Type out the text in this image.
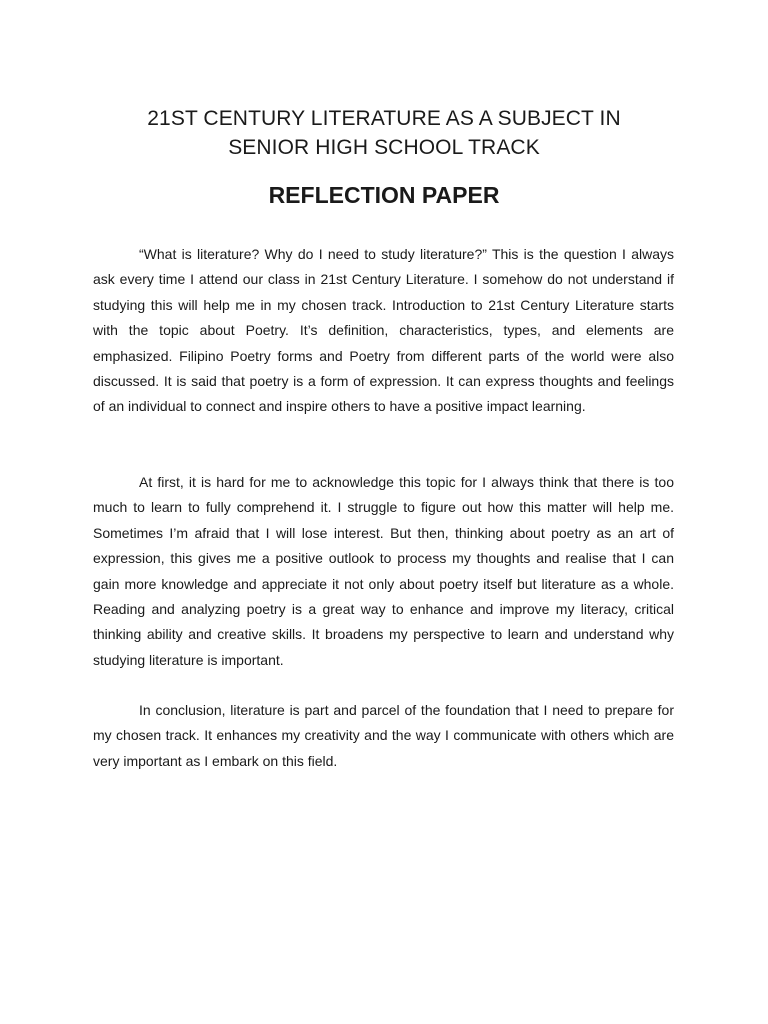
21ST CENTURY LITERATURE AS A SUBJECT IN
SENIOR HIGH SCHOOL TRACK
REFLECTION PAPER

“What is literature? Why do I need to study literature?” This is the question I always ask every time I attend our class in 21st Century Literature. I somehow do not understand if studying this will help me in my chosen track. Introduction to 21st Century Literature starts with the topic about Poetry. It’s definition, characteristics, types, and elements are emphasized. Filipino Poetry forms and Poetry from different parts of the world were also discussed. It is said that poetry is a form of expression. It can express thoughts and feelings of an individual to connect and inspire others to have a positive impact learning.

At first, it is hard for me to acknowledge this topic for I always think that there is too much to learn to fully comprehend it. I struggle to figure out how this matter will help me. Sometimes I’m afraid that I will lose interest. But then, thinking about poetry as an art of expression, this gives me a positive outlook to process my thoughts and realise that I can gain more knowledge and appreciate it not only about poetry itself but literature as a whole. Reading and analyzing poetry is a great way to enhance and improve my literacy, critical thinking ability and creative skills. It broadens my perspective to learn and understand why studying literature is important.

In conclusion, literature is part and parcel of the foundation that I need to prepare for my chosen track. It enhances my creativity and the way I communicate with others which are very important as I embark on this field.
